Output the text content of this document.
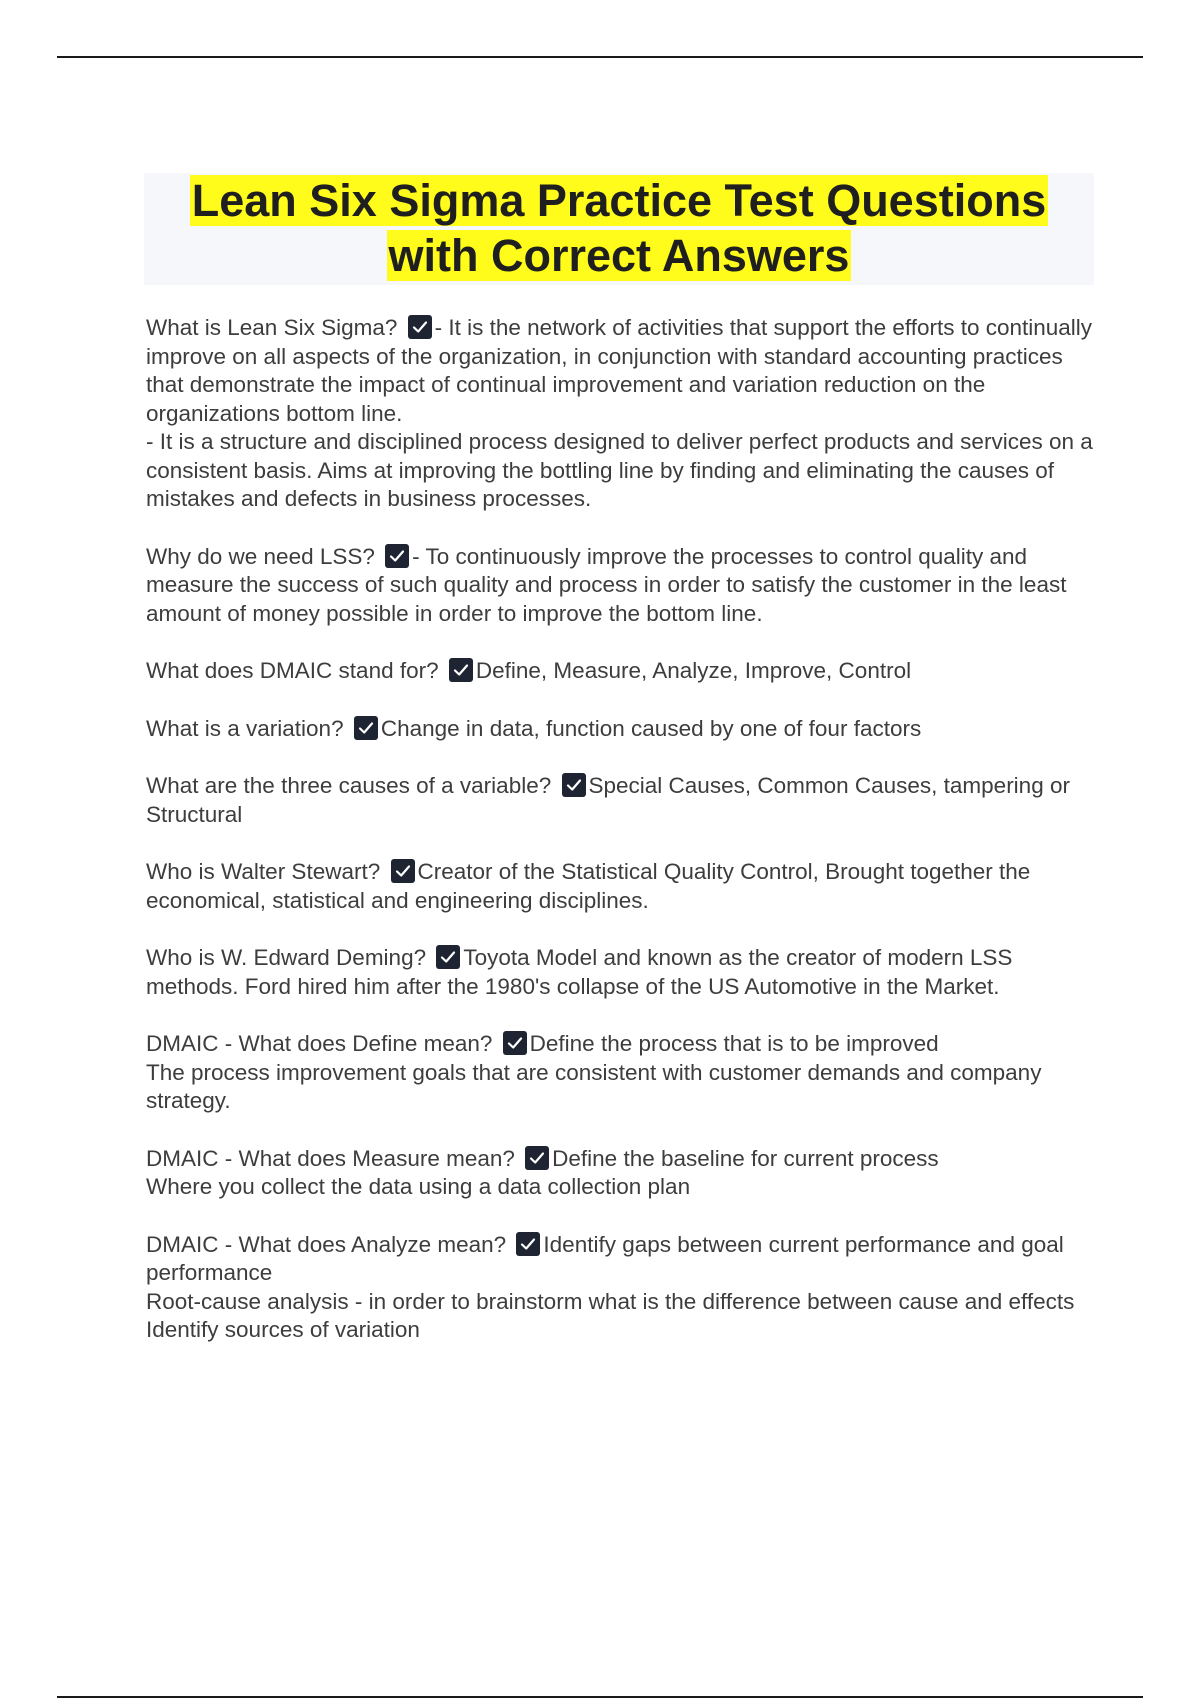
Lean Six Sigma Practice Test Questions
with Correct Answers
What is Lean Six Sigma? - It is the network of activities that support the efforts to continually improve on all aspects of the organization, in conjunction with standard accounting practices that demonstrate the impact of continual improvement and variation reduction on the organizations bottom line.
- It is a structure and disciplined process designed to deliver perfect products and services on a consistent basis. Aims at improving the bottling line by finding and eliminating the causes of mistakes and defects in business processes.
Why do we need LSS? - To continuously improve the processes to control quality and measure the success of such quality and process in order to satisfy the customer in the least amount of money possible in order to improve the bottom line.
What does DMAIC stand for? Define, Measure, Analyze, Improve, Control
What is a variation? Change in data, function caused by one of four factors
What are the three causes of a variable? Special Causes, Common Causes, tampering or Structural
Who is Walter Stewart? Creator of the Statistical Quality Control, Brought together the economical, statistical and engineering disciplines.
Who is W. Edward Deming? Toyota Model and known as the creator of modern LSS methods. Ford hired him after the 1980's collapse of the US Automotive in the Market.
DMAIC - What does Define mean? Define the process that is to be improved
The process improvement goals that are consistent with customer demands and company strategy.
DMAIC - What does Measure mean? Define the baseline for current process
Where you collect the data using a data collection plan
DMAIC - What does Analyze mean? Identify gaps between current performance and goal performance
Root-cause analysis - in order to brainstorm what is the difference between cause and effects
Identify sources of variation
